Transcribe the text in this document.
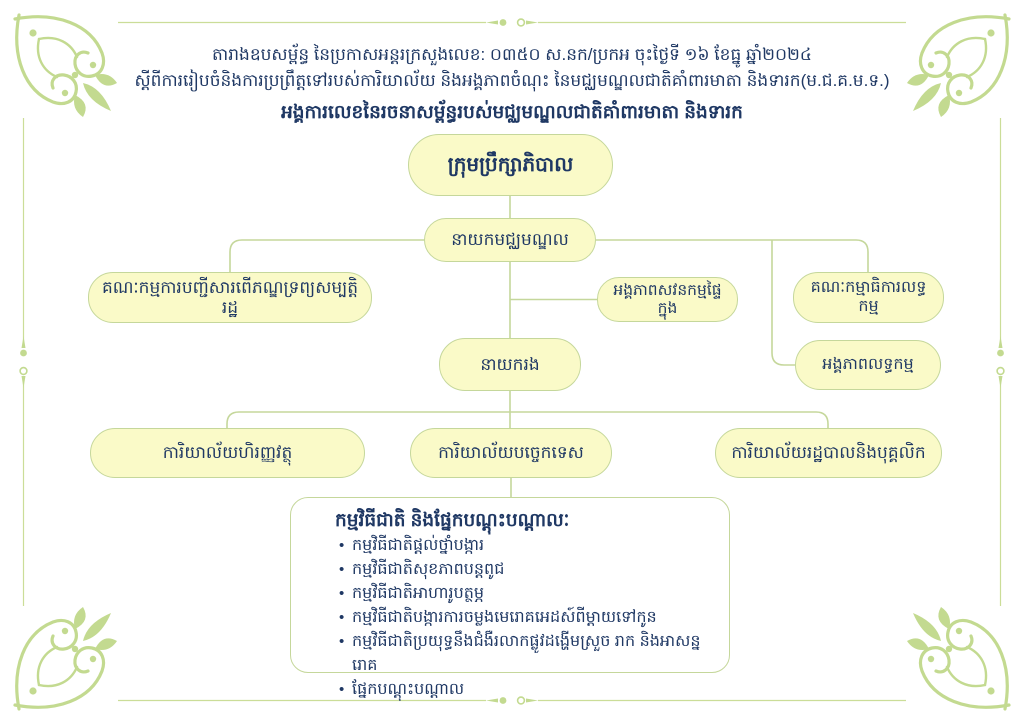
តារាងឧបសម្ព័ន្ធ នៃប្រកាសអន្តរក្រសួងលេខ: ០៣៥០ ស.នក/ប្រកអ ចុះថ្ងៃទី ១៦ ខែធ្នូ ឆ្នាំ២០២៤
ស្តីពីការរៀបចំនិងការប្រព្រឹត្តទៅរបស់ការិយាល័យ និងអង្គភាពចំណុះ នៃមជ្ឈមណ្ឌលជាតិគាំពារមាតា និងទារក(ម.ជ.គ.ម.ទ.)
អង្គការលេខនៃរចនាសម្ព័ន្ធរបស់មជ្ឈមណ្ឌលជាតិគាំពារមាតា និងទារក
ក្រុមប្រឹក្សាភិបាល
នាយកមជ្ឈមណ្ឌល
គណៈកម្មការបញ្ជីសារពើភណ្ឌទ្រព្យសម្បត្តិរដ្ឋ
អង្គភាពសវនកម្មផ្ទៃក្នុង
គណៈកម្មាធិការលទ្ធកម្ម
អង្គភាពលទ្ធកម្ម
នាយករង
ការិយាល័យហិរញ្ញវត្ថុ	ការិយាល័យបច្ចេកទេស	ការិយាល័យរដ្ឋបាលនិងបុគ្គលិក
កម្មវិធីជាតិ និងផ្នែកបណ្តុះបណ្តាលៈ
• កម្មវិធីជាតិផ្តល់ថ្នាំបង្ការ
• កម្មវិធីជាតិសុខភាពបន្តពូជ
• កម្មវិធីជាតិអាហារូបត្ថម្ភ
• កម្មវិធីជាតិបង្ការការចម្លងមេរោគអេដស៍ពីម្តាយទៅកូន
• កម្មវិធីជាតិប្រយុទ្ធនឹងជំងឺរលាកផ្លូវដង្ហើមស្រួច រាក និងអាសន្នរោគ
• ផ្នែកបណ្តុះបណ្តាល
